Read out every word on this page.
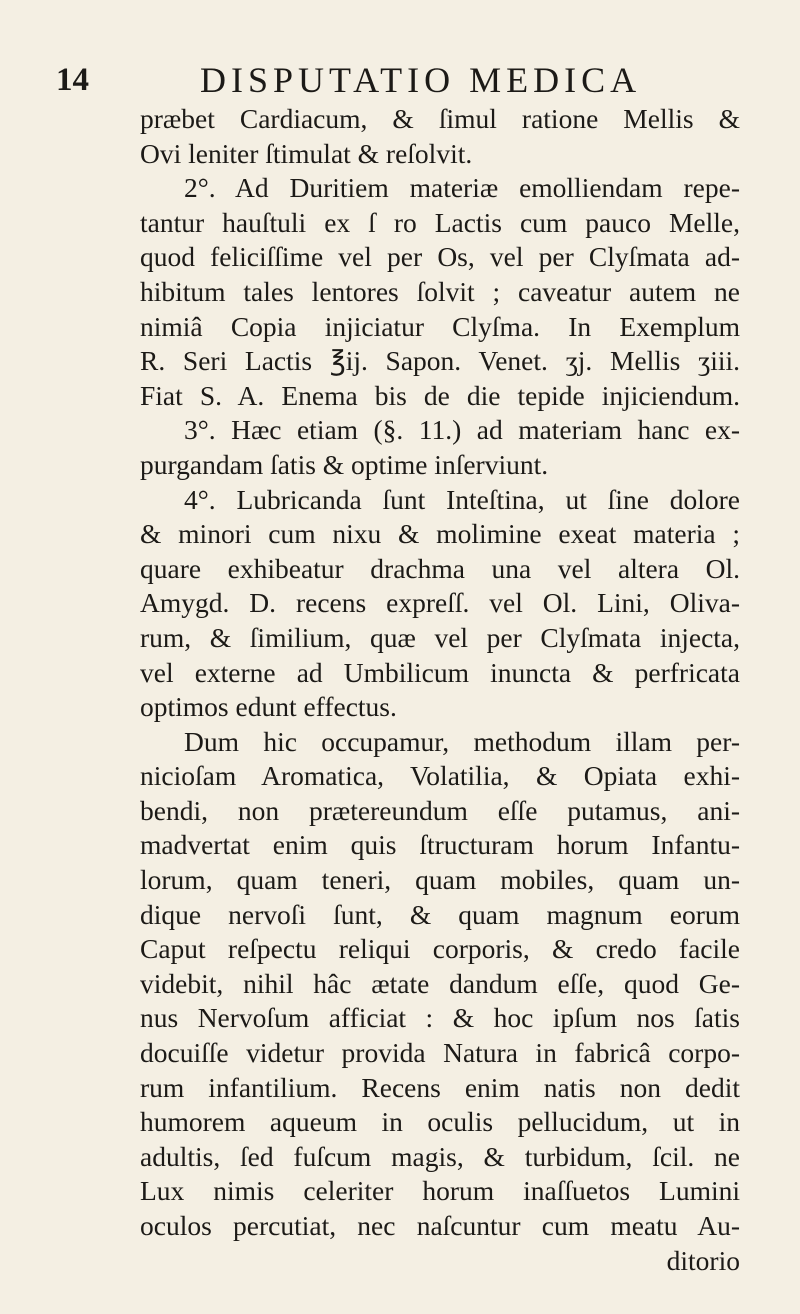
14	DISPUTATIO MEDICA
præbet Cardiacum, & ſimul ratione Mellis &
Ovi leniter ſtimulat & reſolvit.
2°. Ad Duritiem materiæ emolliendam repe-
tantur hauſtuli ex ſ ro Lactis cum pauco Melle,
quod feliciſſime vel per Os, vel per Clyſmata ad-
hibitum tales lentores ſolvit ; caveatur autem ne
nimiâ Copia injiciatur Clyſma. In Exemplum
R. Seri Lactis ℥ij. Sapon. Venet. ʒj. Mellis ʒiii.
Fiat S. A. Enema bis de die tepide injiciendum.
3°. Hæc etiam (§. 11.) ad materiam hanc ex-
purgandam ſatis & optime inſerviunt.
4°. Lubricanda ſunt Inteſtina, ut ſine dolore
& minori cum nixu & molimine exeat materia ;
quare exhibeatur drachma una vel altera Ol.
Amygd. D. recens expreſſ. vel Ol. Lini, Oliva-
rum, & ſimilium, quæ vel per Clyſmata injecta,
vel externe ad Umbilicum inuncta & perfricata
optimos edunt effectus.
Dum hic occupamur, methodum illam per-
nicioſam Aromatica, Volatilia, & Opiata exhi-
bendi, non prætereundum eſſe putamus, ani-
madvertat enim quis ſtructuram horum Infantu-
lorum, quam teneri, quam mobiles, quam un-
dique nervoſi ſunt, & quam magnum eorum
Caput reſpectu reliqui corporis, & credo facile
videbit, nihil hâc ætate dandum eſſe, quod Ge-
nus Nervoſum afficiat : & hoc ipſum nos ſatis
docuiſſe videtur provida Natura in fabricâ corpo-
rum infantilium. Recens enim natis non dedit
humorem aqueum in oculis pellucidum, ut in
adultis, ſed fuſcum magis, & turbidum, ſcil. ne
Lux nimis celeriter horum inaſſuetos Lumini
oculos percutiat, nec naſcuntur cum meatu Au-
ditorio
